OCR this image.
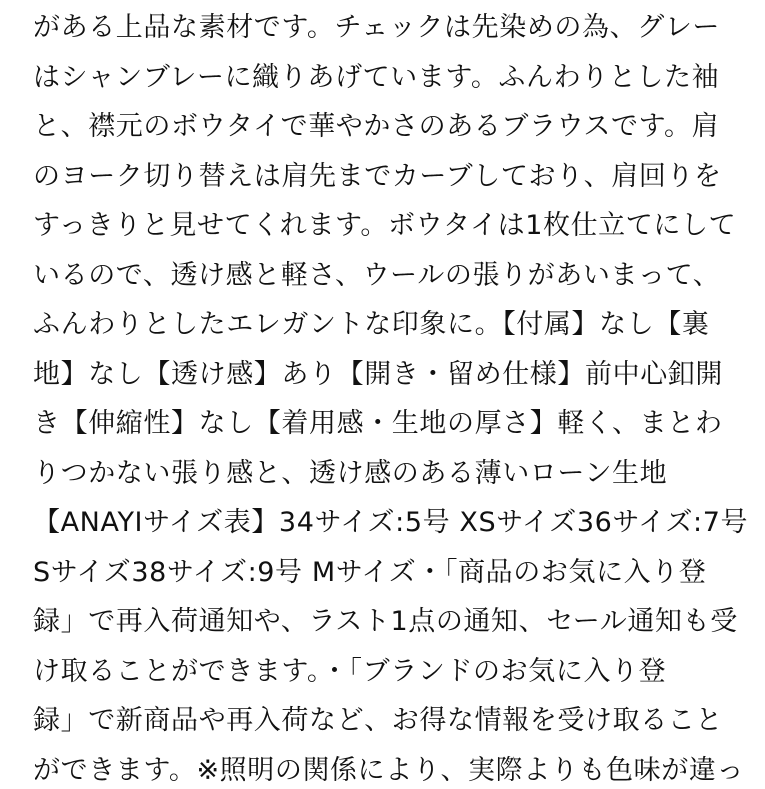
がある上品な素材です。チェックは先染めの為、グレー
はシャンブレーに織りあげています。ふんわりとした袖
と、襟元のボウタイで華やかさのあるブラウスです。肩
のヨーク切り替えは肩先までカーブしており、肩回りを
すっきりと見せてくれます。ボウタイは1枚仕立てにして
いるので、透け感と軽さ、ウールの張りがあいまって、
ふんわりとしたエレガントな印象に。【付属】なし【裏
地】なし【透け感】あり【開き・留め仕様】前中心釦開
き【伸縮性】なし【着用感・生地の厚さ】軽く、まとわ
りつかない張り感と、透け感のある薄いローン生地
【ANAYIサイズ表】34サイズ:5号 XSサイズ36サイズ:7号
Sサイズ38サイズ:9号 Mサイズ・「商品のお気に入り登
録」で再入荷通知や、ラスト1点の通知、セール通知も受
け取ることができます。・「ブランドのお気に入り登
録」で新商品や再入荷など、お得な情報を受け取ること
ができます。※照明の関係により、実際よりも色味が違っ
